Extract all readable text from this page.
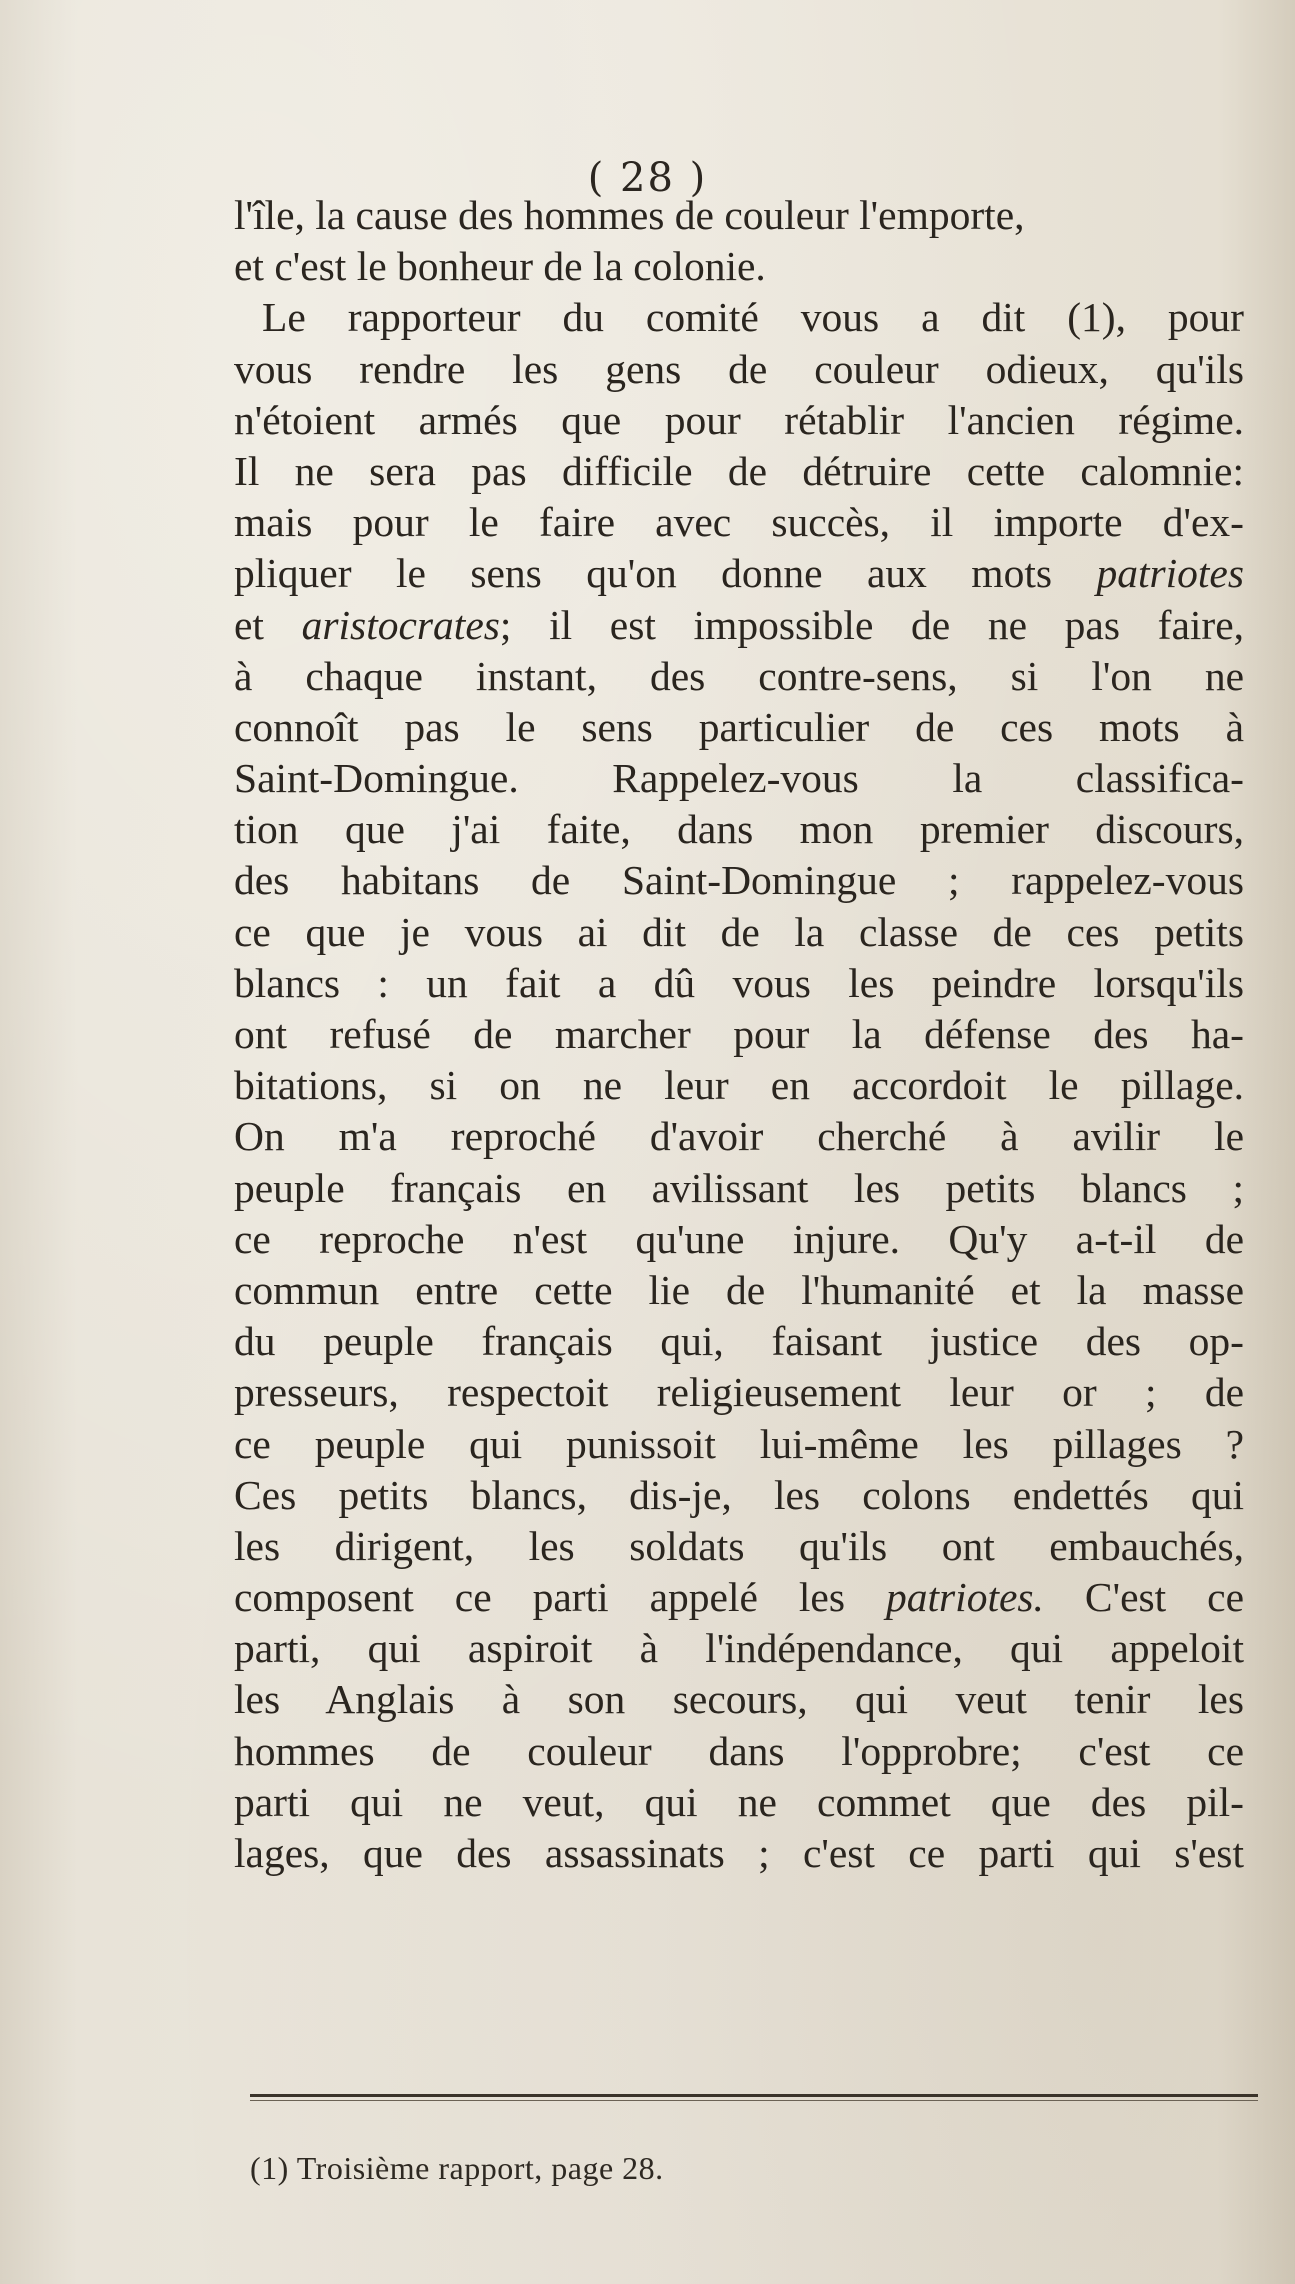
( 28 )
l'île, la cause des hommes de couleur l'emporte,
et c'est le bonheur de la colonie.
Le rapporteur du comité vous a dit (1), pour
vous rendre les gens de couleur odieux, qu'ils
n'étoient armés que pour rétablir l'ancien régime.
Il ne sera pas difficile de détruire cette calomnie:
mais pour le faire avec succès, il importe d'ex-
pliquer le sens qu'on donne aux mots patriotes
et aristocrates; il est impossible de ne pas faire,
à chaque instant, des contre-sens, si l'on ne
connoît pas le sens particulier de ces mots à
Saint-Domingue. Rappelez-vous la classifica-
tion que j'ai faite, dans mon premier discours,
des habitans de Saint-Domingue ; rappelez-vous
ce que je vous ai dit de la classe de ces petits
blancs : un fait a dû vous les peindre lorsqu'ils
ont refusé de marcher pour la défense des ha-
bitations, si on ne leur en accordoit le pillage.
On m'a reproché d'avoir cherché à avilir le
peuple français en avilissant les petits blancs ;
ce reproche n'est qu'une injure. Qu'y a-t-il de
commun entre cette lie de l'humanité et la masse
du peuple français qui, faisant justice des op-
presseurs, respectoit religieusement leur or ; de
ce peuple qui punissoit lui-même les pillages ?
Ces petits blancs, dis-je, les colons endettés qui
les dirigent, les soldats qu'ils ont embauchés,
composent ce parti appelé les patriotes. C'est ce
parti, qui aspiroit à l'indépendance, qui appeloit
les Anglais à son secours, qui veut tenir les
hommes de couleur dans l'opprobre; c'est ce
parti qui ne veut, qui ne commet que des pil-
lages, que des assassinats ; c'est ce parti qui s'est
(1) Troisième rapport, page 28.
